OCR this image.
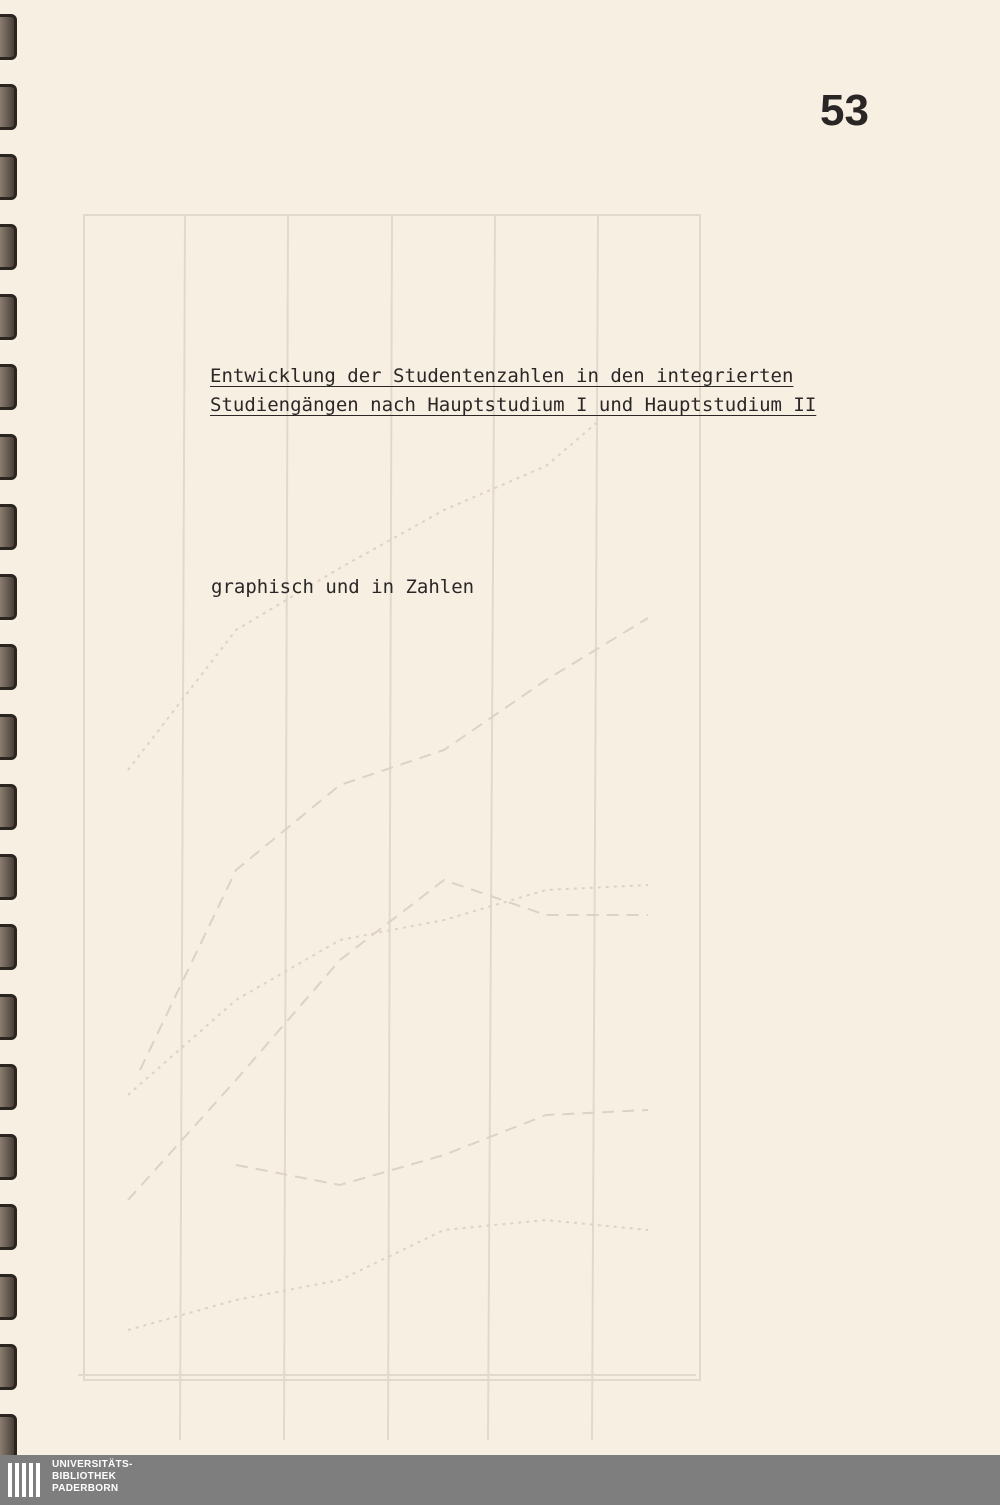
53
Entwicklung der Studentenzahlen in den integrierten Studiengängen nach Hauptstudium I und Hauptstudium II
graphisch und in Zahlen
UNIVERSITÄTS-
BIBLIOTHEK
PADERBORN
